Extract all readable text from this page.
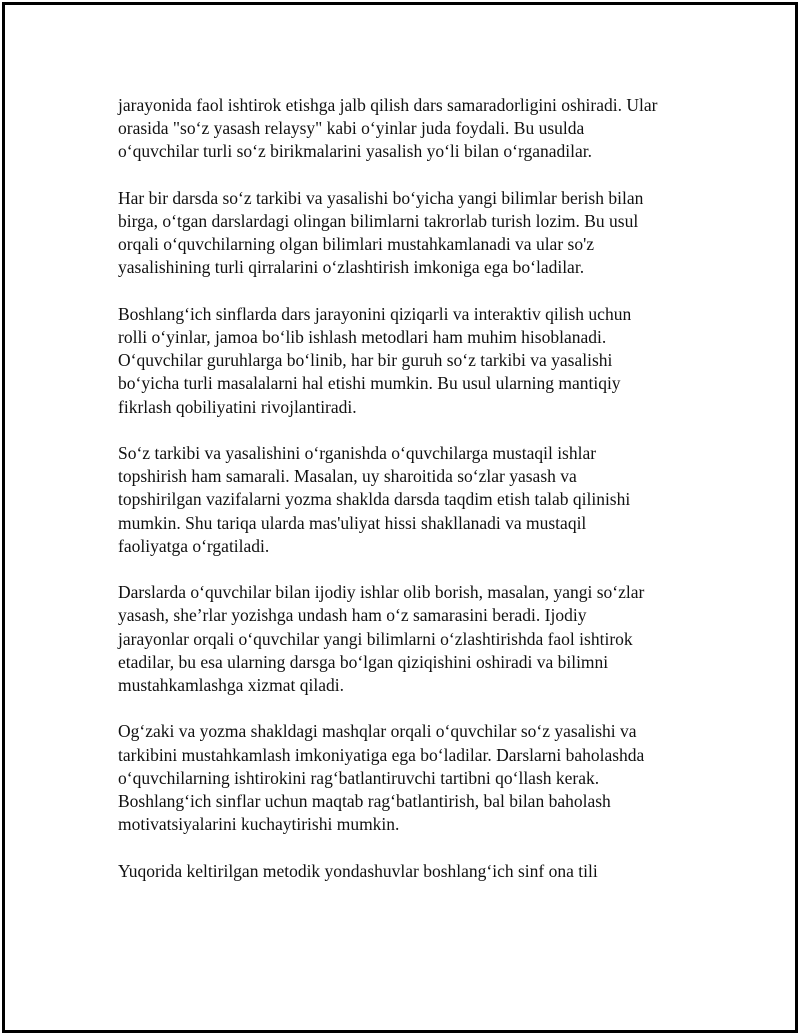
jarayonida faol ishtirok etishga jalb qilish dars samaradorligini oshiradi. Ular
orasida "so‘z yasash relaysy" kabi o‘yinlar juda foydali. Bu usulda
o‘quvchilar turli so‘z birikmalarini yasalish yo‘li bilan o‘rganadilar.

Har bir darsda so‘z tarkibi va yasalishi bo‘yicha yangi bilimlar berish bilan
birga, o‘tgan darslardagi olingan bilimlarni takrorlab turish lozim. Bu usul
orqali o‘quvchilarning olgan bilimlari mustahkamlanadi va ular so'z
yasalishining turli qirralarini o‘zlashtirish imkoniga ega bo‘ladilar.

Boshlang‘ich sinflarda dars jarayonini qiziqarli va interaktiv qilish uchun
rolli o‘yinlar, jamoa bo‘lib ishlash metodlari ham muhim hisoblanadi.
O‘quvchilar guruhlarga bo‘linib, har bir guruh so‘z tarkibi va yasalishi
bo‘yicha turli masalalarni hal etishi mumkin. Bu usul ularning mantiqiy
fikrlash qobiliyatini rivojlantiradi.

So‘z tarkibi va yasalishini o‘rganishda o‘quvchilarga mustaqil ishlar
topshirish ham samarali. Masalan, uy sharoitida so‘zlar yasash va
topshirilgan vazifalarni yozma shaklda darsda taqdim etish talab qilinishi
mumkin. Shu tariqa ularda mas'uliyat hissi shakllanadi va mustaqil
faoliyatga o‘rgatiladi.

Darslarda o‘quvchilar bilan ijodiy ishlar olib borish, masalan, yangi so‘zlar
yasash, she’rlar yozishga undash ham o‘z samarasini beradi. Ijodiy
jarayonlar orqali o‘quvchilar yangi bilimlarni o‘zlashtirishda faol ishtirok
etadilar, bu esa ularning darsga bo‘lgan qiziqishini oshiradi va bilimni
mustahkamlashga xizmat qiladi.

Og‘zaki va yozma shakldagi mashqlar orqali o‘quvchilar so‘z yasalishi va
tarkibini mustahkamlash imkoniyatiga ega bo‘ladilar. Darslarni baholashda
o‘quvchilarning ishtirokini rag‘batlantiruvchi tartibni qo‘llash kerak.
Boshlang‘ich sinflar uchun maqtab rag‘batlantirish, bal bilan baholash
motivatsiyalarini kuchaytirishi mumkin.

Yuqorida keltirilgan metodik yondashuvlar boshlang‘ich sinf ona tili
